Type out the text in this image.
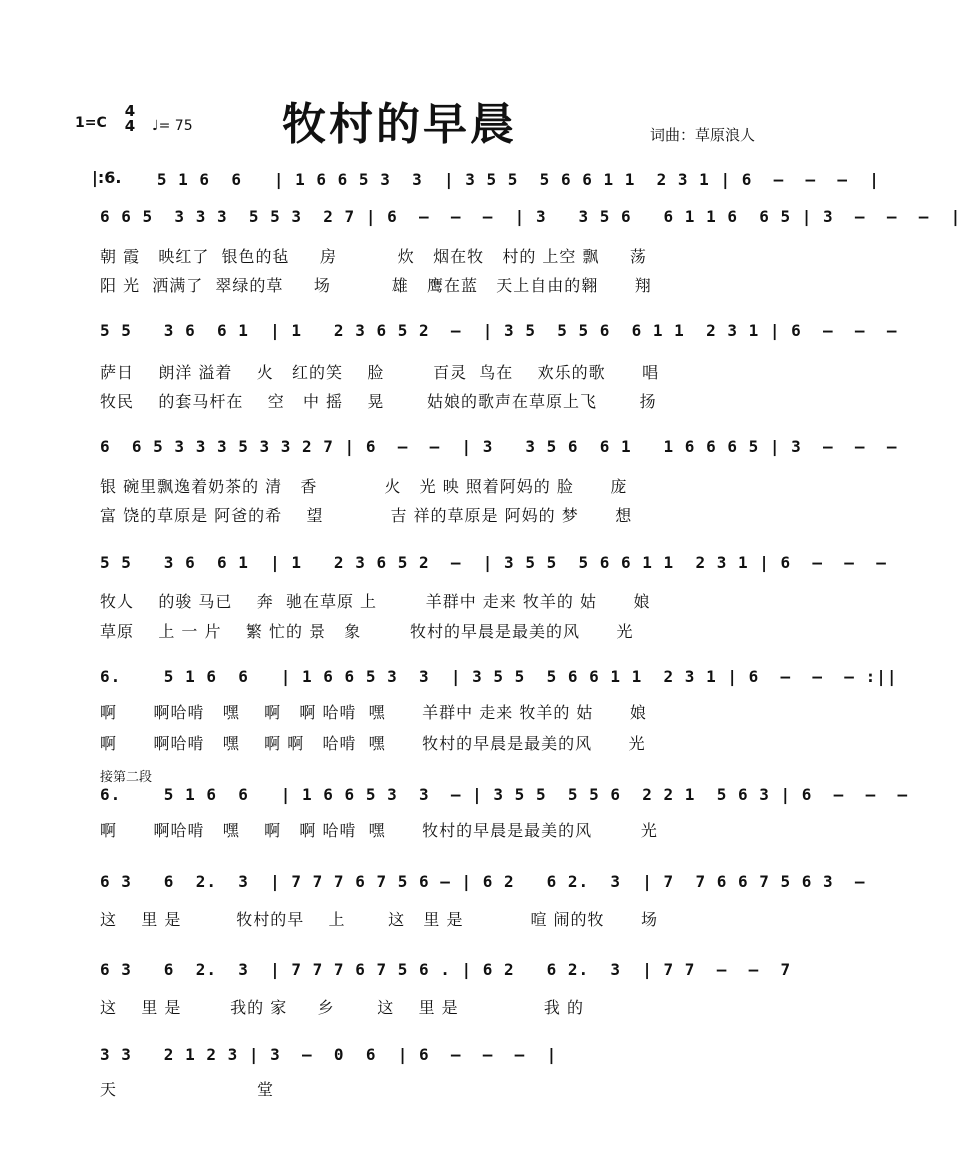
牧村的早晨
1=C
4
4 ♩= 75	词曲：草原浪人
|:6. 5 1 6  6   | 1 6 6 5 3  3  | 3 5 5  5 6 6 1 1  2 3 1 | 6  –  –  –  |
6 6 5  3 3 3  5 5 3  2 7 | 6  –  –  –  | 3   3 5 6   6 1 1 6  6 5 | 3  –  –  –  |
朝 霞   映红了  银色的毡     房          炊   烟在牧   村的 上空 飘     荡
阳 光  洒满了  翠绿的草     场          雄   鹰在蓝   天上自由的翱      翔
5 5   3 6  6 1  | 1   2 3 6 5 2  –  | 3 5  5 5 6  6 1 1  2 3 1 | 6  –  –  –
萨日    朗洋 溢着    火   红的笑    脸        百灵  鸟在    欢乐的歌      唱
牧民    的套马杆在    空   中 摇    晃       姑娘的歌声在草原上飞       扬
6  6 5 3 3 3 5 3 3 2 7 | 6  –  –  | 3   3 5 6  6 1   1 6 6 6 5 | 3  –  –  –
银 碗里飘逸着奶茶的 清   香           火   光 映 照着阿妈的 脸      庞
富 饶的草原是 阿爸的希    望           吉 祥的草原是 阿妈的 梦      想
5 5   3 6  6 1  | 1   2 3 6 5 2  –  | 3 5 5  5 6 6 1 1  2 3 1 | 6  –  –  –
牧人    的骏 马已    奔  驰在草原 上        羊群中 走来 牧羊的 姑      娘
草原    上 一 片    繁 忙的 景   象        牧村的早晨是最美的风      光
6.    5 1 6  6   | 1 6 6 5 3  3  | 3 5 5  5 6 6 1 1  2 3 1 | 6  –  –  – :||
啊      啊哈啃   嘿    啊   啊 哈啃  嘿      羊群中 走来 牧羊的 姑      娘
啊      啊哈啃   嘿    啊 啊   哈啃  嘿      牧村的早晨是最美的风      光
接第二段
6.    5 1 6  6   | 1 6 6 5 3  3  – | 3 5 5  5 5 6  2 2 1  5 6 3 | 6  –  –  –
啊      啊哈啃   嘿    啊   啊 哈啃  嘿      牧村的早晨是最美的风        光
6 3   6  2.  3  | 7 7 7 6 7 5 6 — | 6 2   6 2.  3  | 7  7 6 6 7 5 6 3  –
这    里 是         牧村的早    上       这   里 是           喧 闹的牧      场
6 3   6  2.  3  | 7 7 7 6 7 5 6 . | 6 2   6 2.  3  | 7 7  –  –  7
这    里 是        我的 家     乡       这    里 是              我 的
3 3   2 1 2 3 | 3  –  0  6  | 6  –  –  –  |
天                       堂
